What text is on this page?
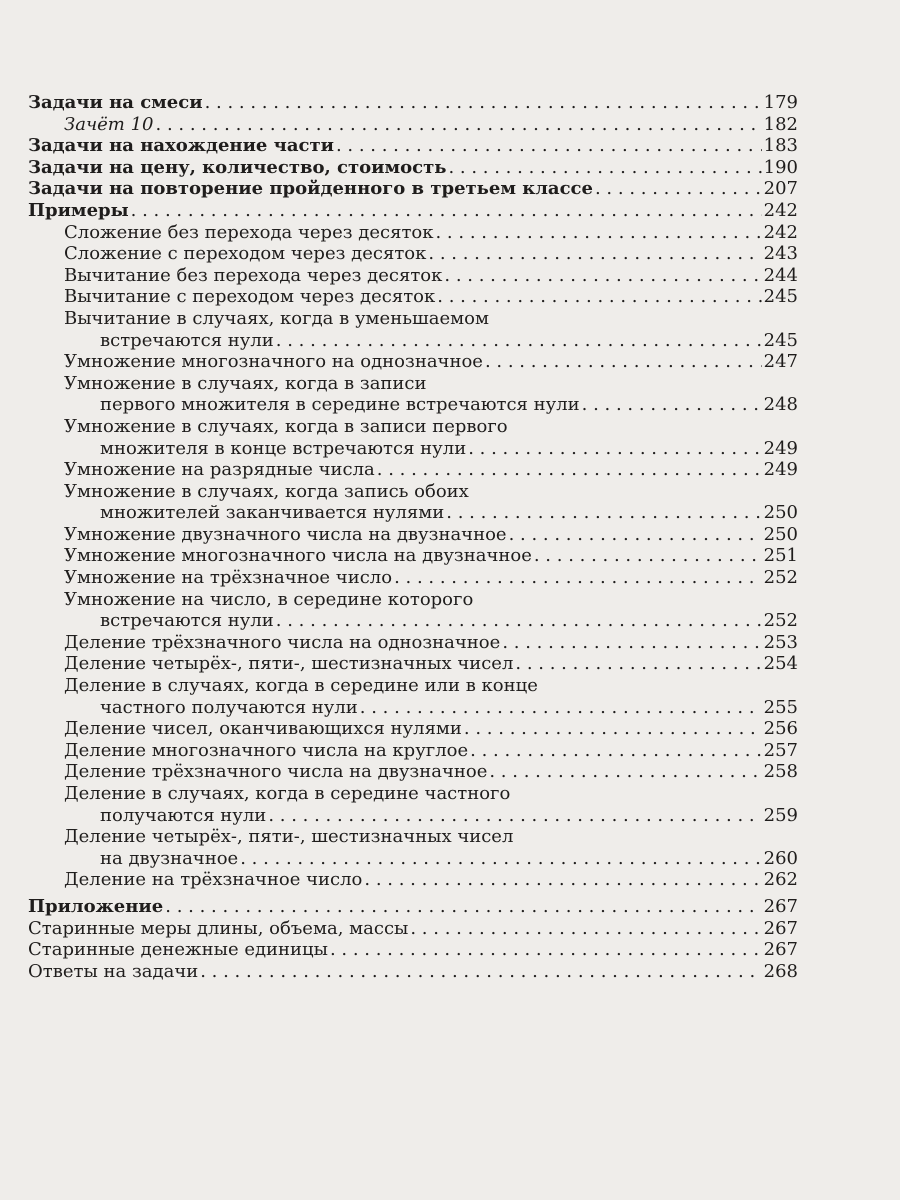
Задачи на смеси . . .	179
Зачёт 10 . . .	182
Задачи на нахождение части . . .	183
Задачи на цену, количество, стоимость . . .	190
Задачи на повторение пройденного в третьем классе . . .	207
Примеры . . .	242
Сложение без перехода через десяток . . .	242
Сложение с переходом через десяток . . .	243
Вычитание без перехода через десяток . . .	244
Вычитание с переходом через десяток . . .	245
Вычитание в случаях, когда в уменьшаемом
встречаются нули . . .	245
Умножение многозначного на однозначное . . .	247
Умножение в случаях, когда в записи
первого множителя в середине встречаются нули . . .	248
Умножение в случаях, когда в записи первого
множителя в конце встречаются нули . . .	249
Умножение на разрядные числа . . .	249
Умножение в случаях, когда запись обоих
множителей заканчивается нулями . . .	250
Умножение двузначного числа на двузначное . . .	250
Умножение многозначного числа на двузначное . . .	251
Умножение на трёхзначное число . . .	252
Умножение на число, в середине которого
встречаются нули . . .	252
Деление трёхзначного числа на однозначное . . .	253
Деление четырёх-, пяти-, шестизначных чисел . . .	254
Деление в случаях, когда в середине или в конце
частного получаются нули . . .	255
Деление чисел, оканчивающихся нулями . . .	256
Деление многозначного числа на круглое . . .	257
Деление трёхзначного числа на двузначное . . .	258
Деление в случаях, когда в середине частного
получаются нули . . .	259
Деление четырёх-, пяти-, шестизначных чисел
на двузначное . . .	260
Деление на трёхзначное число . . .	262
Приложение . . .	267
Старинные меры длины, объема, массы . . .	267
Старинные денежные единицы . . .	267
Ответы на задачи . . .	268
